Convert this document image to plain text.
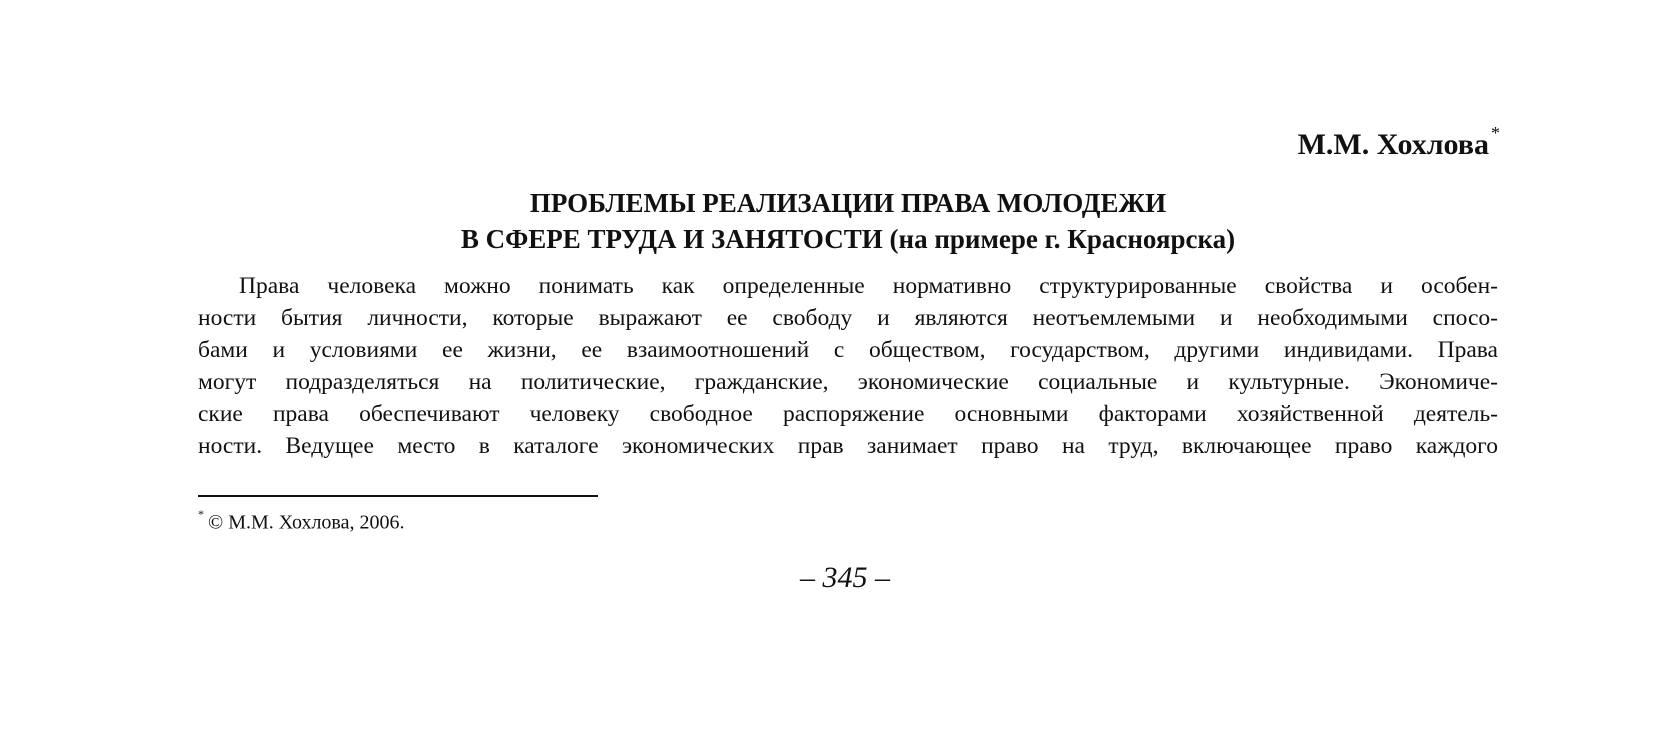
М.М. Хохлова *
ПРОБЛЕМЫ РЕАЛИЗАЦИИ ПРАВА МОЛОДЕЖИ
В СФЕРЕ ТРУДА И ЗАНЯТОСТИ (на примере г. Красноярска)
Права человека можно понимать как определенные нормативно структурированные свойства и особен-
ности бытия личности, которые выражают ее свободу и являются неотъемлемыми и необходимыми спосо-
бами и условиями ее жизни, ее взаимоотношений с обществом, государством, другими индивидами. Права
могут подразделяться на политические, гражданские, экономические социальные и культурные. Экономиче-
ские права обеспечивают человеку свободное распоряжение основными факторами хозяйственной деятель-
ности. Ведущее место в каталоге экономических прав занимает право на труд, включающее право каждого
* © М.М. Хохлова, 2006.
– 345 –
